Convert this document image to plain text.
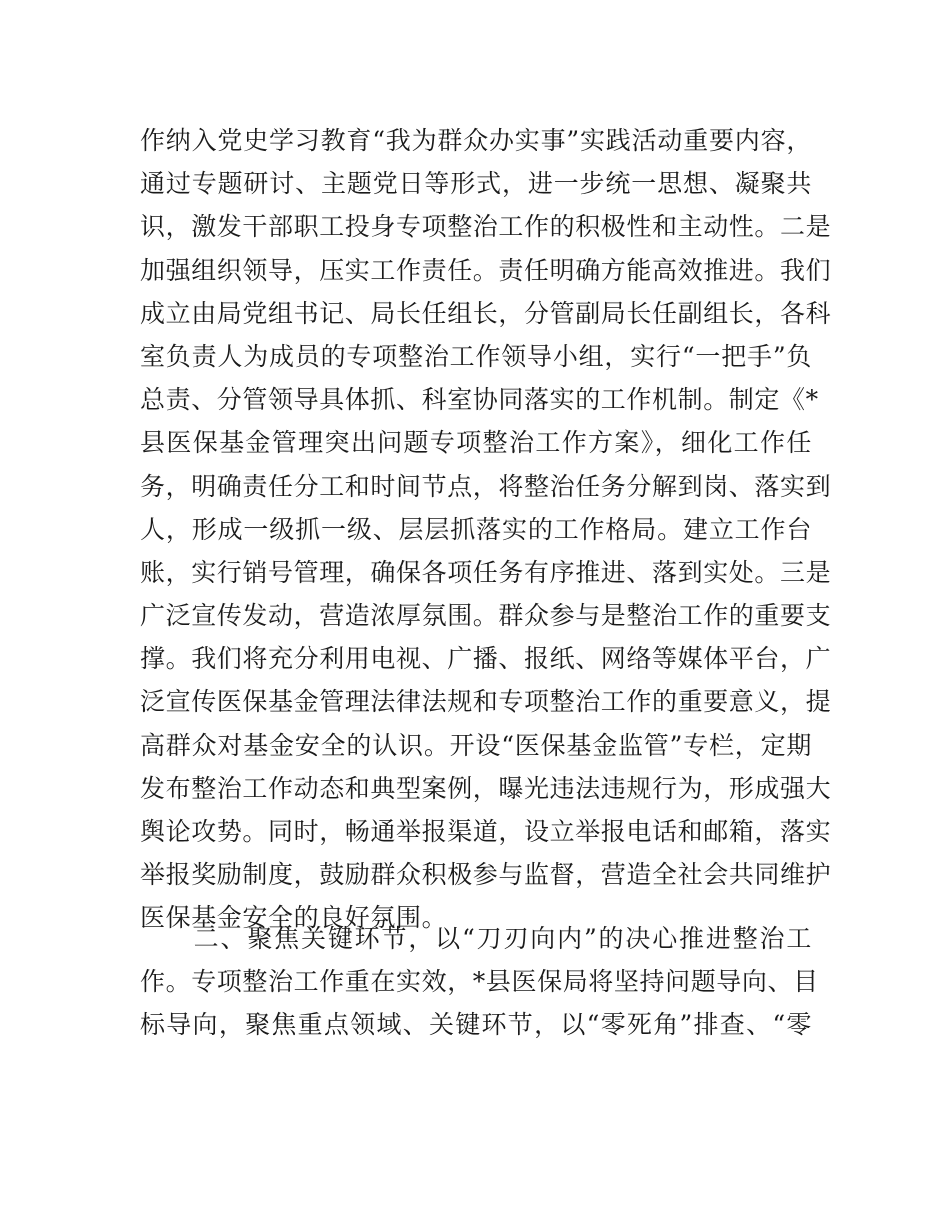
作纳入党史学习教育“我为群众办实事”实践活动重要内容，
通过专题研讨、主题党日等形式，进一步统一思想、凝聚共
识，激发干部职工投身专项整治工作的积极性和主动性。二是
加强组织领导，压实工作责任。责任明确方能高效推进。我们
成立由局党组书记、局长任组长，分管副局长任副组长，各科
室负责人为成员的专项整治工作领导小组，实行“一把手”负
总责、分管领导具体抓、科室协同落实的工作机制。制定《*
县医保基金管理突出问题专项整治工作方案》，细化工作任
务，明确责任分工和时间节点，将整治任务分解到岗、落实到
人，形成一级抓一级、层层抓落实的工作格局。建立工作台
账，实行销号管理，确保各项任务有序推进、落到实处。三是
广泛宣传发动，营造浓厚氛围。群众参与是整治工作的重要支
撑。我们将充分利用电视、广播、报纸、网络等媒体平台，广
泛宣传医保基金管理法律法规和专项整治工作的重要意义，提
高群众对基金安全的认识。开设“医保基金监管”专栏，定期
发布整治工作动态和典型案例，曝光违法违规行为，形成强大
舆论攻势。同时，畅通举报渠道，设立举报电话和邮箱，落实
举报奖励制度，鼓励群众积极参与监督，营造全社会共同维护
医保基金安全的良好氛围。
　　二、聚焦关键环节，以“刀刃向内”的决心推进整治工
作。专项整治工作重在实效，*县医保局将坚持问题导向、目
标导向，聚焦重点领域、关键环节，以“零死角”排查、“零
